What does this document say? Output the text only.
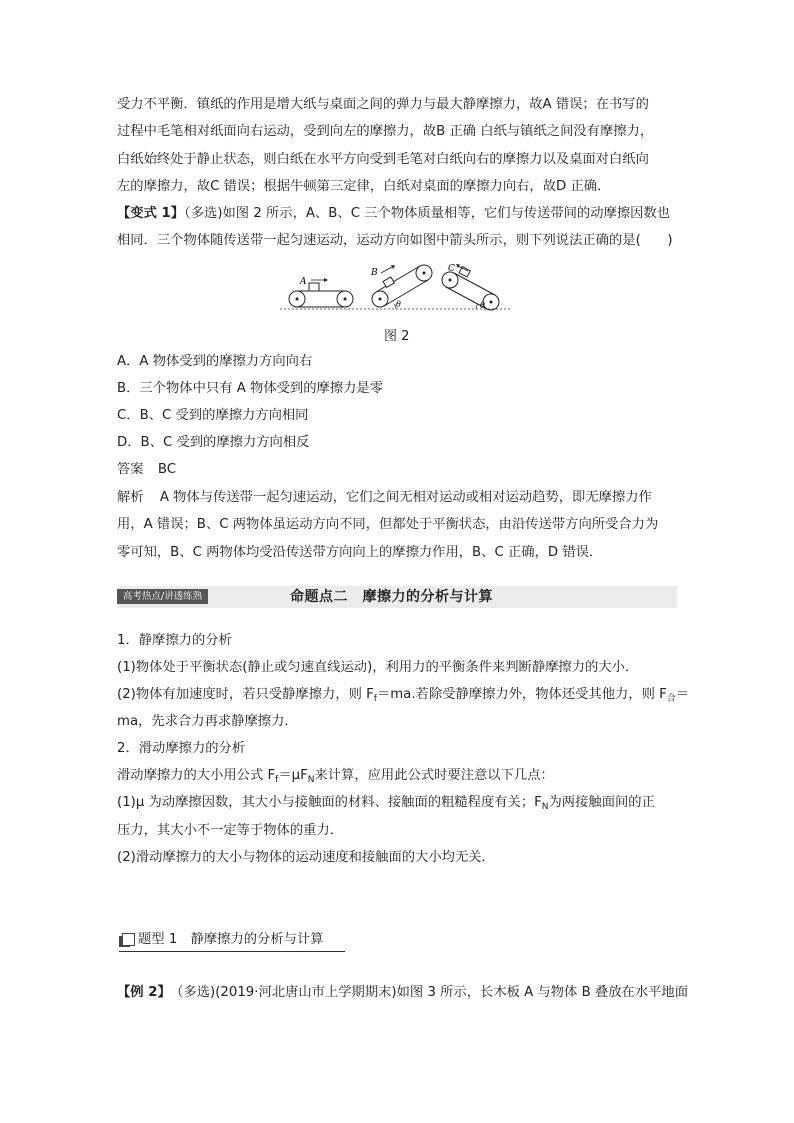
受力不平衡．镇纸的作用是增大纸与桌面之间的弹力与最大静摩擦力，故A 错误；在书写的
过程中毛笔相对纸面向右运动，受到向左的摩擦力，故B 正确 白纸与镇纸之间没有摩擦力，
白纸始终处于静止状态，则白纸在水平方向受到毛笔对白纸向右的摩擦力以及桌面对白纸向
左的摩擦力，故C 错误；根据牛顿第三定律，白纸对桌面的摩擦力向右，故D 正确．
【变式 1】（多选)如图 2 所示，A、B、C 三个物体质量相等，它们与传送带间的动摩擦因数也
相同．三个物体随传送带一起匀速运动，运动方向如图中箭头所示，则下列说法正确的是(　　)
A
B
θ
C
θ
图 2
A．A 物体受到的摩擦力方向向右
B．三个物体中只有 A 物体受到的摩擦力是零
C．B、C 受到的摩擦力方向相同
D．B、C 受到的摩擦力方向相反
答案 BC
解析 A 物体与传送带一起匀速运动，它们之间无相对运动或相对运动趋势，即无摩擦力作
用，A 错误；B、C 两物体虽运动方向不同，但都处于平衡状态，由沿传送带方向所受合力为
零可知，B、C 两物体均受沿传送带方向向上的摩擦力作用，B、C 正确，D 错误．
高考热点/讲透练熟	命题点二　摩擦力的分析与计算
1．静摩擦力的分析
(1)物体处于平衡状态(静止或匀速直线运动)，利用力的平衡条件来判断静摩擦力的大小．
(2)物体有加速度时，若只受静摩擦力，则 $F_f=ma$.若除受静摩擦力外，物体还受其他力，则 $F_合=$
ma，先求合力再求静摩擦力．
2．滑动摩擦力的分析
滑动摩擦力的大小用公式 $F_f=\mu F_N$来计算，应用此公式时要注意以下几点：
(1)μ 为动摩擦因数，其大小与接触面的材料、接触面的粗糙程度有关；$F_N$为两接触面间的正
压力，其大小不一定等于物体的重力．
(2)滑动摩擦力的大小与物体的运动速度和接触面的大小均无关．
题型 1　静摩擦力的分析与计算
【例 2】 （多选)(2019·河北唐山市上学期期末)如图 3 所示，长木板 A 与物体 B 叠放在水平地面
